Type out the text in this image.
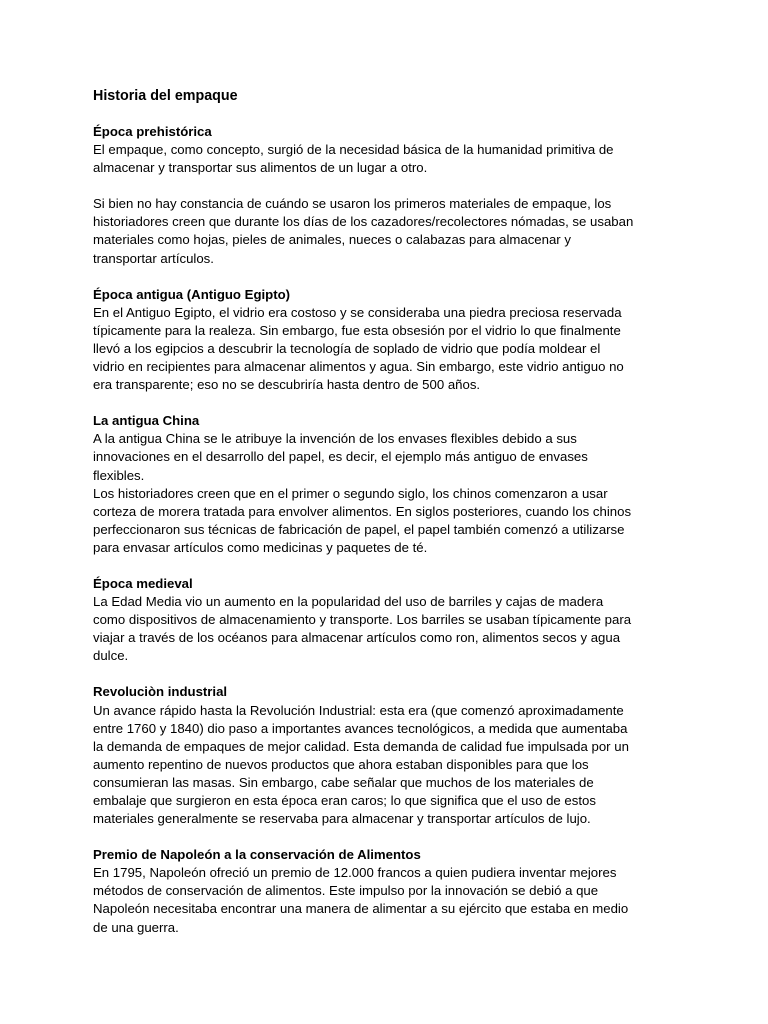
Historia del empaque
Época prehistórica

El empaque, como concepto, surgió de la necesidad básica de la humanidad primitiva de
almacenar y transportar sus alimentos de un lugar a otro.

Si bien no hay constancia de cuándo se usaron los primeros materiales de empaque, los
historiadores creen que durante los días de los cazadores/recolectores nómadas, se usaban
materiales como hojas, pieles de animales, nueces o calabazas para almacenar y
transportar artículos.

Época antigua (Antiguo Egipto)

En el Antiguo Egipto, el vidrio era costoso y se consideraba una piedra preciosa reservada
típicamente para la realeza. Sin embargo, fue esta obsesión por el vidrio lo que finalmente
llevó a los egipcios a descubrir la tecnología de soplado de vidrio que podía moldear el
vidrio en recipientes para almacenar alimentos y agua. Sin embargo, este vidrio antiguo no
era transparente; eso no se descubriría hasta dentro de 500 años.

La antigua China

A la antigua China se le atribuye la invención de los envases flexibles debido a sus
innovaciones en el desarrollo del papel, es decir, el ejemplo más antiguo de envases
flexibles.

Los historiadores creen que en el primer o segundo siglo, los chinos comenzaron a usar
corteza de morera tratada para envolver alimentos. En siglos posteriores, cuando los chinos
perfeccionaron sus técnicas de fabricación de papel, el papel también comenzó a utilizarse
para envasar artículos como medicinas y paquetes de té.

Época medieval

La Edad Media vio un aumento en la popularidad del uso de barriles y cajas de madera
como dispositivos de almacenamiento y transporte. Los barriles se usaban típicamente para
viajar a través de los océanos para almacenar artículos como ron, alimentos secos y agua
dulce.

Revoluciòn industrial

Un avance rápido hasta la Revolución Industrial: esta era (que comenzó aproximadamente
entre 1760 y 1840) dio paso a importantes avances tecnológicos, a medida que aumentaba
la demanda de empaques de mejor calidad. Esta demanda de calidad fue impulsada por un
aumento repentino de nuevos productos que ahora estaban disponibles para que los
consumieran las masas. Sin embargo, cabe señalar que muchos de los materiales de
embalaje que surgieron en esta época eran caros; lo que significa que el uso de estos
materiales generalmente se reservaba para almacenar y transportar artículos de lujo.

Premio de Napoleón a la conservación de Alimentos

En 1795, Napoleón ofreció un premio de 12.000 francos a quien pudiera inventar mejores
métodos de conservación de alimentos. Este impulso por la innovación se debió a que
Napoleón necesitaba encontrar una manera de alimentar a su ejército que estaba en medio
de una guerra.
